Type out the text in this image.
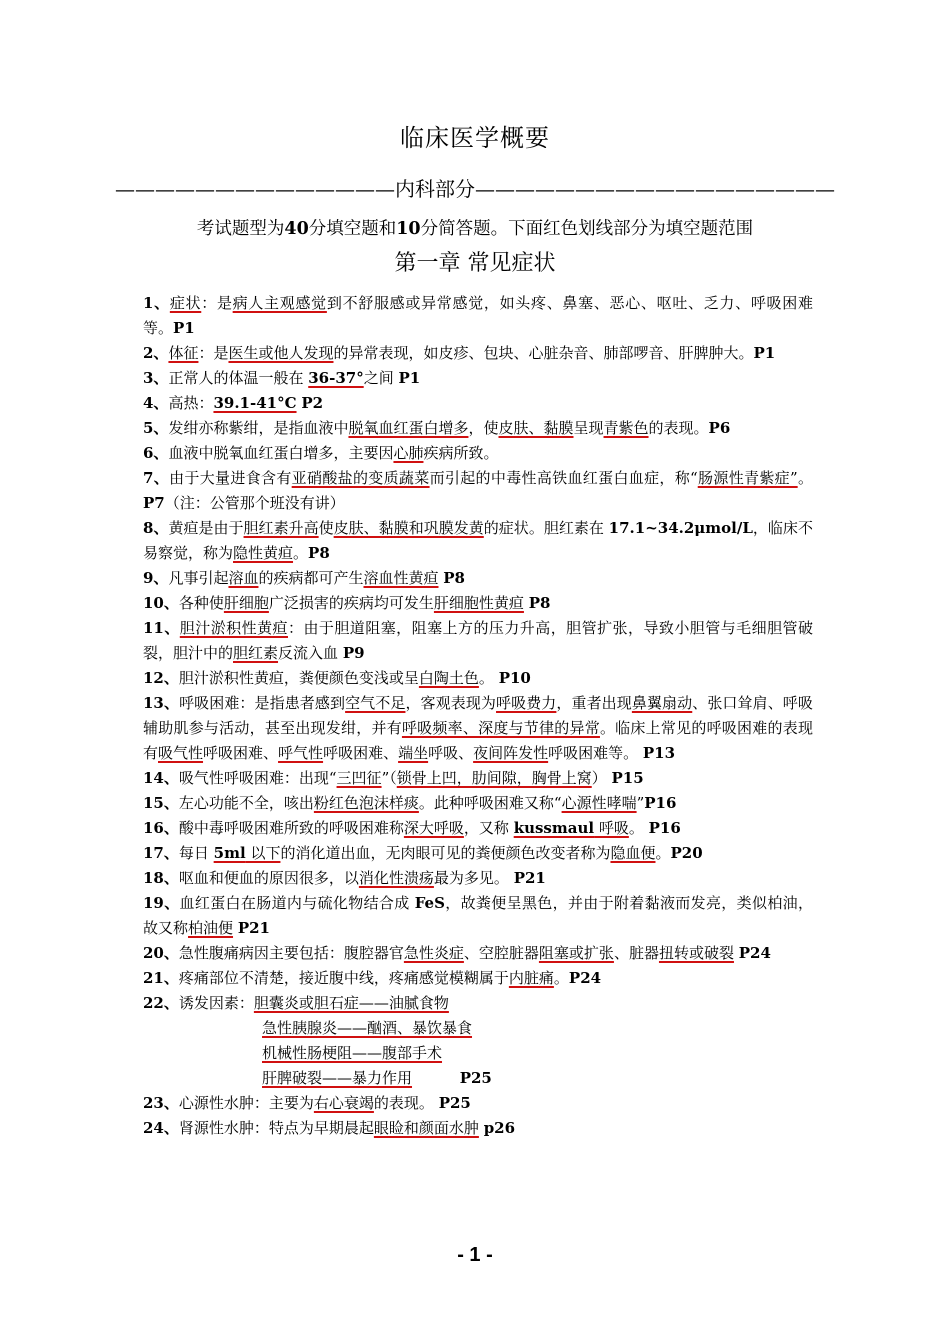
临床医学概要
——————————————内科部分——————————————————
考试题型为40分填空题和10分简答题。下面红色划线部分为填空题范围
第一章 常见症状
1、症状：是病人主观感觉到不舒服感或异常感觉，如头疼、鼻塞、恶心、呕吐、乏力、呼吸困难等。P1
2、体征：是医生或他人发现的异常表现，如皮疹、包块、心脏杂音、肺部啰音、肝脾肿大。P1
3、正常人的体温一般在 36-37°之间 P1
4、高热：39.1-41°C P2
5、发绀亦称紫绀，是指血液中脱氧血红蛋白增多，使皮肤、黏膜呈现青紫色的表现。P6
6、血液中脱氧血红蛋白增多，主要因心肺疾病所致。
7、由于大量进食含有亚硝酸盐的变质蔬菜而引起的中毒性高铁血红蛋白血症，称“肠源性青紫症”。 P7（注：公管那个班没有讲）
8、黄疸是由于胆红素升高使皮肤、黏膜和巩膜发黄的症状。胆红素在 17.1~34.2μmol/L，临床不易察觉，称为隐性黄疸。P8
9、凡事引起溶血的疾病都可产生溶血性黄疸 P8
10、各种使肝细胞广泛损害的疾病均可发生肝细胞性黄疸 P8
11、胆汁淤积性黄疸：由于胆道阻塞，阻塞上方的压力升高，胆管扩张，导致小胆管与毛细胆管破裂，胆汁中的胆红素反流入血 P9
12、胆汁淤积性黄疸，粪便颜色变浅或呈白陶土色。 P10
13、呼吸困难：是指患者感到空气不足，客观表现为呼吸费力，重者出现鼻翼扇动、张口耸肩、呼吸辅助肌参与活动，甚至出现发绀，并有呼吸频率、深度与节律的异常。临床上常见的呼吸困难的表现有吸气性呼吸困难、呼气性呼吸困难、端坐呼吸、夜间阵发性呼吸困难等。 P13
14、吸气性呼吸困难：出现“三凹征”（锁骨上凹，肋间隙，胸骨上窝） P15
15、左心功能不全，咳出粉红色泡沫样痰。此种呼吸困难又称“心源性哮喘”P16
16、酸中毒呼吸困难所致的呼吸困难称深大呼吸，又称 kussmaul 呼吸。 P16
17、每日 5ml 以下的消化道出血，无肉眼可见的粪便颜色改变者称为隐血便。P20
18、呕血和便血的原因很多，以消化性溃疡最为多见。 P21
19、血红蛋白在肠道内与硫化物结合成 FeS，故粪便呈黑色，并由于附着黏液而发亮，类似柏油，故又称柏油便 P21
20、急性腹痛病因主要包括：腹腔器官急性炎症、空腔脏器阻塞或扩张、脏器扭转或破裂 P24
21、疼痛部位不清楚，接近腹中线，疼痛感觉模糊属于内脏痛。P24
22、诱发因素：胆囊炎或胆石症——油腻食物
急性胰腺炎——酗酒、暴饮暴食
机械性肠梗阻——腹部手术
肝脾破裂——暴力作用	P25
23、心源性水肿：主要为右心衰竭的表现。 P25
24、肾源性水肿：特点为早期晨起眼睑和颜面水肿 p26
- 1 -
